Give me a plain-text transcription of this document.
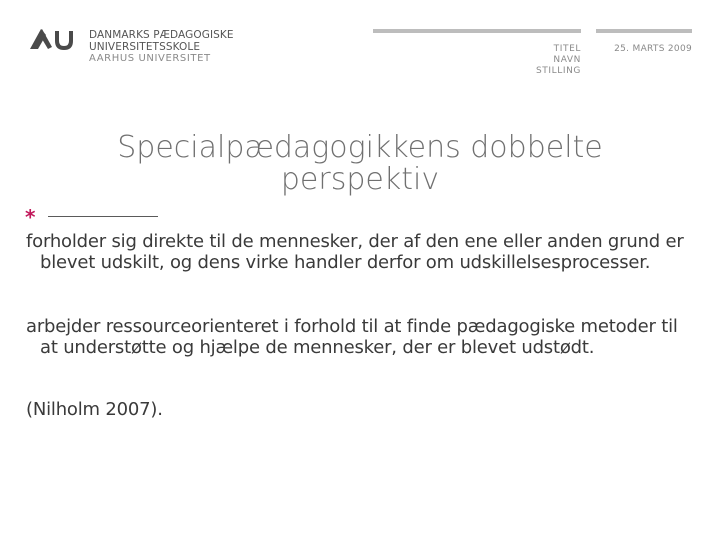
DANMARKS PÆDAGOGISKE
UNIVERSITETSSKOLE
AARHUS UNIVERSITET
TITEL
NAVN
STILLING
25. MARTS 2009
Specialpædagogikkens dobbelte
perspektiv
*
forholder sig direkte til de mennesker, der af den ene eller anden grund er blevet udskilt, og dens virke handler derfor om udskillelsesprocesser.
arbejder ressourceorienteret i forhold til at finde pædagogiske metoder til at understøtte og hjælpe de mennesker, der er blevet udstødt.
(Nilholm 2007).
